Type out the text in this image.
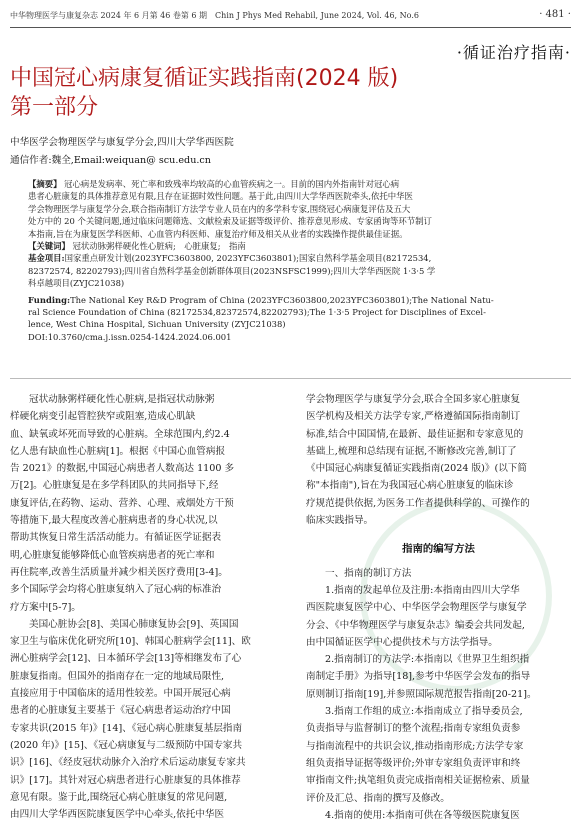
中华物理医学与康复杂志 2024 年 6 月第 46 卷第 6 期　Chin J Phys Med Rehabil, June 2024, Vol. 46, No.6	· 481 ·
·循证治疗指南·
中国冠心病康复循证实践指南(2024 版)
第一部分
中华医学会物理医学与康复学分会,四川大学华西医院
通信作者:魏全,Email:weiquan@ scu.edu.cn
【摘要】 冠心病是发病率、死亡率和致残率均较高的心血管疾病之一。目前的国内外指南针对冠心病
患者心脏康复的具体推荐意见有限,且存在证据时效性问题。基于此,由四川大学华西医院牵头,依托中华医
学会物理医学与康复学分会,联合指南制订方法学专业人员在内的多学科专家,围绕冠心病康复评估及五大
处方中的 20 个关键问题,通过临床问题筛选、文献检索及证据等级评价、推荐意见形成、专家函询等环节制订
本指南,旨在为康复医学科医师、心血管内科医师、康复治疗师及相关从业者的实践操作提供最佳证据。
【关键词】 冠状动脉粥样硬化性心脏病;　心脏康复;　指南
基金项目:国家重点研发计划(2023YFC3603800, 2023YFC3603801);国家自然科学基金项目(82172534,
82372574, 82202793);四川省自然科学基金创新群体项目(2023NSFSC1999);四川大学华西医院 1·3·5 学
科卓越项目(ZYJC21038)
Funding:The National Key R&D Program of China (2023YFC3603800,2023YFC3603801);The National Natu-
ral Science Foundation of China (82172534,82372574,82202793);The 1·3·5 Project for Disciplines of Excel-
lence, West China Hospital, Sichuan University (ZYJC21038)
DOI:10.3760/cma.j.issn.0254-1424.2024.06.001
冠状动脉粥样硬化性心脏病,是指冠状动脉粥
样硬化病变引起管腔狭窄或阻塞,造成心肌缺
血、缺氧或坏死而导致的心脏病。全球范围内,约2.4
亿人患有缺血性心脏病[1]。根据《中国心血管病报
告 2021》的数据,中国冠心病患者人数高达 1100 多
万[2]。心脏康复是在多学科团队的共同指导下,经
康复评估,在药物、运动、营养、心理、戒烟处方干预
等措施下,最大程度改善心脏病患者的身心状况,以
帮助其恢复日常生活活动能力。有循证医学证据表
明,心脏康复能够降低心血管疾病患者的死亡率和
再住院率,改善生活质量并减少相关医疗费用[3-4]。
多个国际学会均将心脏康复纳入了冠心病的标准治
疗方案中[5-7]。
美国心脏协会[8]、美国心肺康复协会[9]、英国国
家卫生与临床优化研究所[10]、韩国心脏病学会[11]、欧
洲心脏病学会[12]、日本循环学会[13]等相继发布了心
脏康复指南。但国外的指南存在一定的地域局限性,
直接应用于中国临床的适用性较差。中国开展冠心病
患者的心脏康复主要基于《冠心病患者运动治疗中国
专家共识(2015 年)》[14]、《冠心病心脏康复基层指南
(2020 年)》[15]、《冠心病康复与二级预防中国专家共
识》[16]、《经皮冠状动脉介入治疗术后运动康复专家共
识》[17]。其针对冠心病患者进行心脏康复的具体推荐
意见有限。鉴于此,围绕冠心病心脏康复的常见问题,
由四川大学华西医院康复医学中心牵头,依托中华医
学会物理医学与康复学分会,联合全国多家心脏康复
医学机构及相关方法学专家,严格遵循国际指南制订
标准,结合中国国情,在最新、最佳证据和专家意见的
基础上,梳理和总结现有证据,不断修改完善,制订了
《中国冠心病康复循证实践指南(2024 版)》(以下简
称"本指南"),旨在为我国冠心病心脏康复的临床诊
疗规范提供依据,为医务工作者提供科学的、可操作的
临床实践指导。
指南的编写方法
一、指南的制订方法
1.指南的发起单位及注册:本指南由四川大学华
西医院康复医学中心、中华医学会物理医学与康复学
分会、《中华物理医学与康复杂志》编委会共同发起,
由中国循证医学中心提供技术与方法学指导。
2.指南制订的方法学:本指南以《世界卫生组织指
南制定手册》为指导[18],参考中华医学会发布的指导
原则制订指南[19],并参照国际规范报告指南[20-21]。
3.指南工作组的成立:本指南成立了指导委员会,
负责指导与监督制订的整个流程;指南专家组负责参
与指南流程中的共识会议,推动指南形成;方法学专家
组负责指导证据等级评价;外审专家组负责评审和终
审指南文件;执笔组负责完成指南相关证据检索、质量
评价及汇总、指南的撰写及修改。
4.指南的使用:本指南可供在各等级医院康复医
